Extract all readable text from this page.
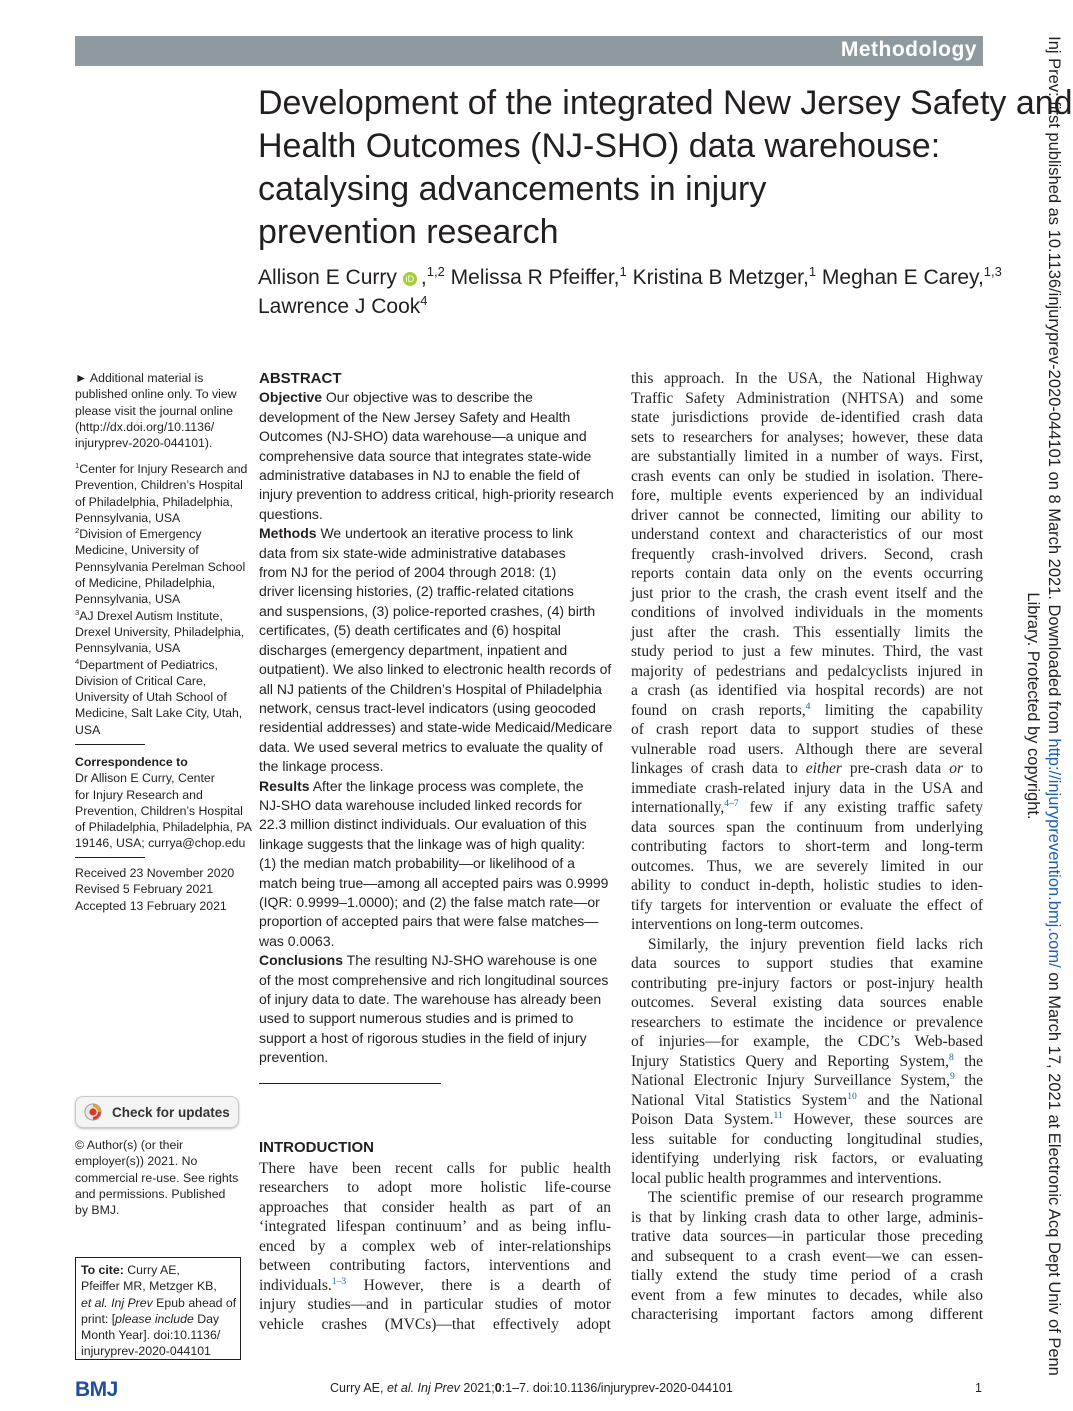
Methodology
Development of the integrated New Jersey Safety and
Health Outcomes (NJ-SHO) data warehouse:
catalysing advancements in injury
prevention research
Allison E Curry iD ,$^{1,2}$ Melissa R Pfeiffer,$^1$ Kristina B Metzger,$^1$ Meghan E Carey,$^{1,3}$
Lawrence J Cook$^4$	Inj Prev: first published as 10.1136/injuryprev-2020-044101 on 8 March 2021. Downloaded from http://injuryprevention.bmj.com/ on March 17, 2021 at Electronic Acq Dept Univ of Penn
Library. Protected by copyright.
► Additional material is
published online only. To view
please visit the journal online
(http://dx.doi.org/10.1136/
injuryprev-2020-044101).
$^1$Center for Injury Research and
Prevention, Children’s Hospital
of Philadelphia, Philadelphia,
Pennsylvania, USA
$^2$Division of Emergency
Medicine, University of
Pennsylvania Perelman School
of Medicine, Philadelphia,
Pennsylvania, USA
$^3$AJ Drexel Autism Institute,
Drexel University, Philadelphia,
Pennsylvania, USA
$^4$Department of Pediatrics,
Division of Critical Care,
University of Utah School of
Medicine, Salt Lake City, Utah,
USA
Correspondence to
Dr Allison E Curry, Center
for Injury Research and
Prevention, Children’s Hospital
of Philadelphia, Philadelphia, PA
19146, USA; curryа@chop.edu
Received 23 November 2020
Revised 5 February 2021
Accepted 13 February 2021
Check for updates
© Author(s) (or their
employer(s)) 2021. No
commercial re-use. See rights
and permissions. Published
by BMJ.
To cite: Curry AE,
Pfeiffer MR, Metzger KB,
et al. Inj Prev Epub ahead of
print: [please include Day
Month Year]. doi:10.1136/
injuryprev-2020-044101
ABSTRACT
Objective Our objective was to describe the
development of the New Jersey Safety and Health
Outcomes (NJ-SHO) data warehouse—a unique and
comprehensive data source that integrates state-wide
administrative databases in NJ to enable the field of
injury prevention to address critical, high-priority research
questions.
Methods We undertook an iterative process to link
data from six state-wide administrative databases
from NJ for the period of 2004 through 2018: (1)
driver licensing histories, (2) traffic-related citations
and suspensions, (3) police-reported crashes, (4) birth
certificates, (5) death certificates and (6) hospital
discharges (emergency department, inpatient and
outpatient). We also linked to electronic health records of
all NJ patients of the Children’s Hospital of Philadelphia
network, census tract-level indicators (using geocoded
residential addresses) and state-wide Medicaid/Medicare
data. We used several metrics to evaluate the quality of
the linkage process.
Results After the linkage process was complete, the
NJ-SHO data warehouse included linked records for
22.3 million distinct individuals. Our evaluation of this
linkage suggests that the linkage was of high quality:
(1) the median match probability—or likelihood of a
match being true—among all accepted pairs was 0.9999
(IQR: 0.9999–1.0000); and (2) the false match rate—or
proportion of accepted pairs that were false matches—
was 0.0063.
Conclusions The resulting NJ-SHO warehouse is one
of the most comprehensive and rich longitudinal sources
of injury data to date. The warehouse has already been
used to support numerous studies and is primed to
support a host of rigorous studies in the field of injury
prevention.
INTRODUCTION
There have been recent calls for public health
researchers to adopt more holistic life-course
approaches that consider health as part of an
‘integrated lifespan continuum’ and as being influ-
enced by a complex web of inter-relationships
between contributing factors, interventions and
individuals.$^{1-3}$ However, there is a dearth of
injury studies—and in particular studies of motor
vehicle crashes (MVCs)—that effectively adopt
this approach. In the USA, the National Highway
Traffic Safety Administration (NHTSA) and some
state jurisdictions provide de-identified crash data
sets to researchers for analyses; however, these data
are substantially limited in a number of ways. First,
crash events can only be studied in isolation. There-
fore, multiple events experienced by an individual
driver cannot be connected, limiting our ability to
understand context and characteristics of our most
frequently crash-involved drivers. Second, crash
reports contain data only on the events occurring
just prior to the crash, the crash event itself and the
conditions of involved individuals in the moments
just after the crash. This essentially limits the
study period to just a few minutes. Third, the vast
majority of pedestrians and pedalcyclists injured in
a crash (as identified via hospital records) are not
found on crash reports,$^4$ limiting the capability
of crash report data to support studies of these
vulnerable road users. Although there are several
linkages of crash data to either pre-crash data or to
immediate crash-related injury data in the USA and
internationally,$^{4-7}$ few if any existing traffic safety
data sources span the continuum from underlying
contributing factors to short-term and long-term
outcomes. Thus, we are severely limited in our
ability to conduct in-depth, holistic studies to iden-
tify targets for intervention or evaluate the effect of
interventions on long-term outcomes.
Similarly, the injury prevention field lacks rich
data sources to support studies that examine
contributing pre-injury factors or post-injury health
outcomes. Several existing data sources enable
researchers to estimate the incidence or prevalence
of injuries—for example, the CDC’s Web-based
Injury Statistics Query and Reporting System,$^8$ the
National Electronic Injury Surveillance System,$^9$ the
National Vital Statistics System$^{10}$ and the National
Poison Data System.$^{11}$ However, these sources are
less suitable for conducting longitudinal studies,
identifying underlying risk factors, or evaluating
local public health programmes and interventions.
The scientific premise of our research programme
is that by linking crash data to other large, adminis-
trative data sources—in particular those preceding
and subsequent to a crash event—we can essen-
tially extend the study time period of a crash
event from a few minutes to decades, while also
characterising important factors among different
BMJ	Curry AE, et al. Inj Prev 2021;0:1–7. doi:10.1136/injuryprev-2020-044101	1
